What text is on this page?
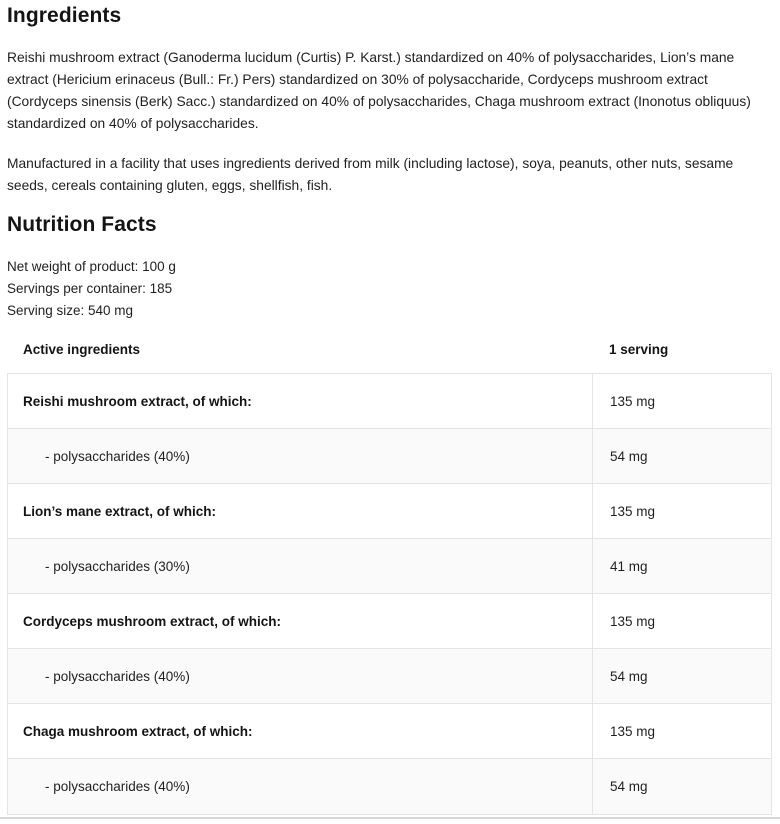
Ingredients

Reishi mushroom extract (Ganoderma lucidum (Curtis) P. Karst.) standardized on 40% of polysaccharides, Lion’s mane extract (Hericium erinaceus (Bull.: Fr.) Pers) standardized on 30% of polysaccharide, Cordyceps mushroom extract (Cordyceps sinensis (Berk) Sacc.) standardized on 40% of polysaccharides, Chaga mushroom extract (Inonotus obliquus) standardized on 40% of polysaccharides.

Manufactured in a facility that uses ingredients derived from milk (including lactose), soya, peanuts, other nuts, sesame seeds, cereals containing gluten, eggs, shellfish, fish.

Nutrition Facts

Net weight of product: 100 g

Servings per container: 185

Serving size: 540 mg

Active ingredients	1 serving
Reishi mushroom extract, of which:	135 mg
- polysaccharides (40%)	54 mg
Lion’s mane extract, of which:	135 mg
- polysaccharides (30%)	41 mg
Cordyceps mushroom extract, of which:	135 mg
- polysaccharides (40%)	54 mg
Chaga mushroom extract, of which:	135 mg
- polysaccharides (40%)	54 mg
